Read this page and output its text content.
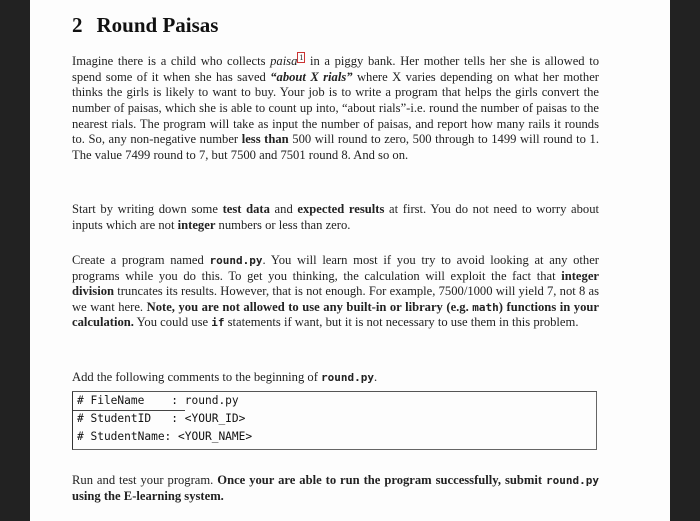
2 Round Paisas
Imagine there is a child who collects paisa 1 in a piggy bank. Her mother tells her she is allowed to spend some of it when she has saved “about X rials” where X varies depending on what her mother thinks the girls is likely to want to buy. Your job is to write a program that helps the girls convert the number of paisas, which she is able to count up into, “about rials”-i.e. round the number of paisas to the nearest rials. The program will take as input the number of paisas, and report how many rails it rounds to. So, any non-negative number less than 500 will round to zero, 500 through to 1499 will round to 1. The value 7499 round to 7, but 7500 and 7501 round 8. And so on.
Start by writing down some test data and expected results at first. You do not need to worry about inputs which are not integer numbers or less than zero.
Create a program named round.py. You will learn most if you try to avoid looking at any other programs while you do this. To get you thinking, the calculation will exploit the fact that integer division truncates its results. However, that is not enough. For example, 7500/1000 will yield 7, not 8 as we want here. Note, you are not allowed to use any built-in or library (e.g. math) functions in your calculation. You could use if statements if want, but it is not necessary to use them in this problem.
Add the following comments to the beginning of round.py.
# FileName    : round.py
# StudentID   : <YOUR_ID>
# StudentName: <YOUR_NAME>
Run and test your program. Once your are able to run the program successfully, submit round.py using the E-learning system.
